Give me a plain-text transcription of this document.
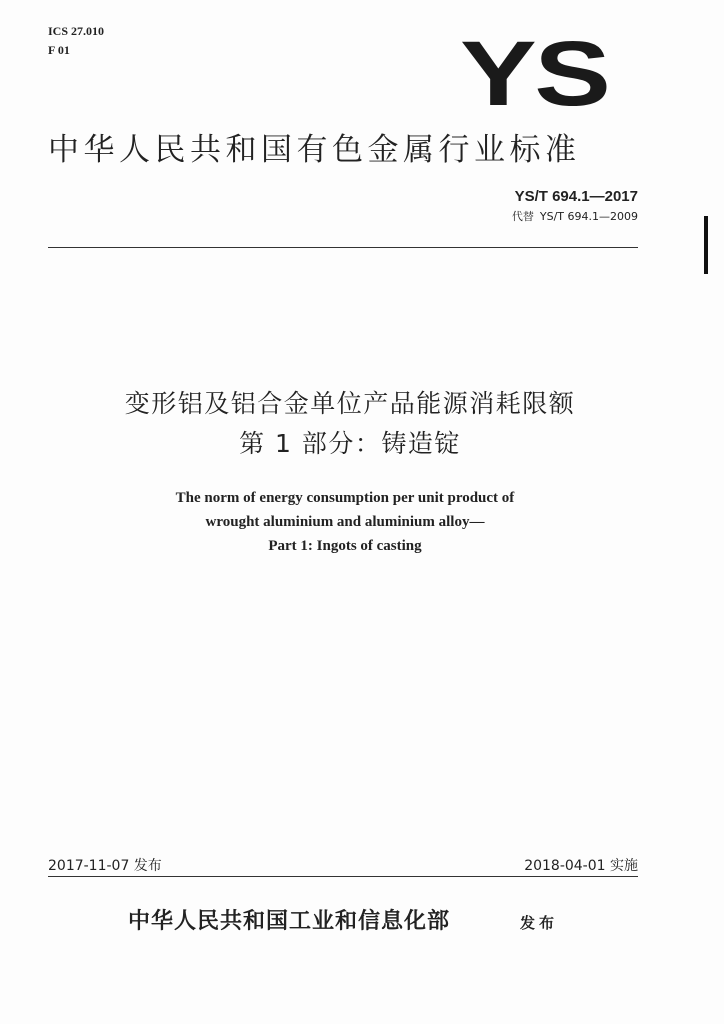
ICS 27.010
F 01	YS
中华人民共和国有色金属行业标准
YS/T 694.1—2017
代替 YS/T 694.1—2009
变形铝及铝合金单位产品能源消耗限额
第 1 部分：铸造锭
The norm of energy consumption per unit product of
wrought aluminium and aluminium alloy—
Part 1: Ingots of casting
2017-11-07 发布	2018-04-01 实施
中华人民共和国工业和信息化部	发布
